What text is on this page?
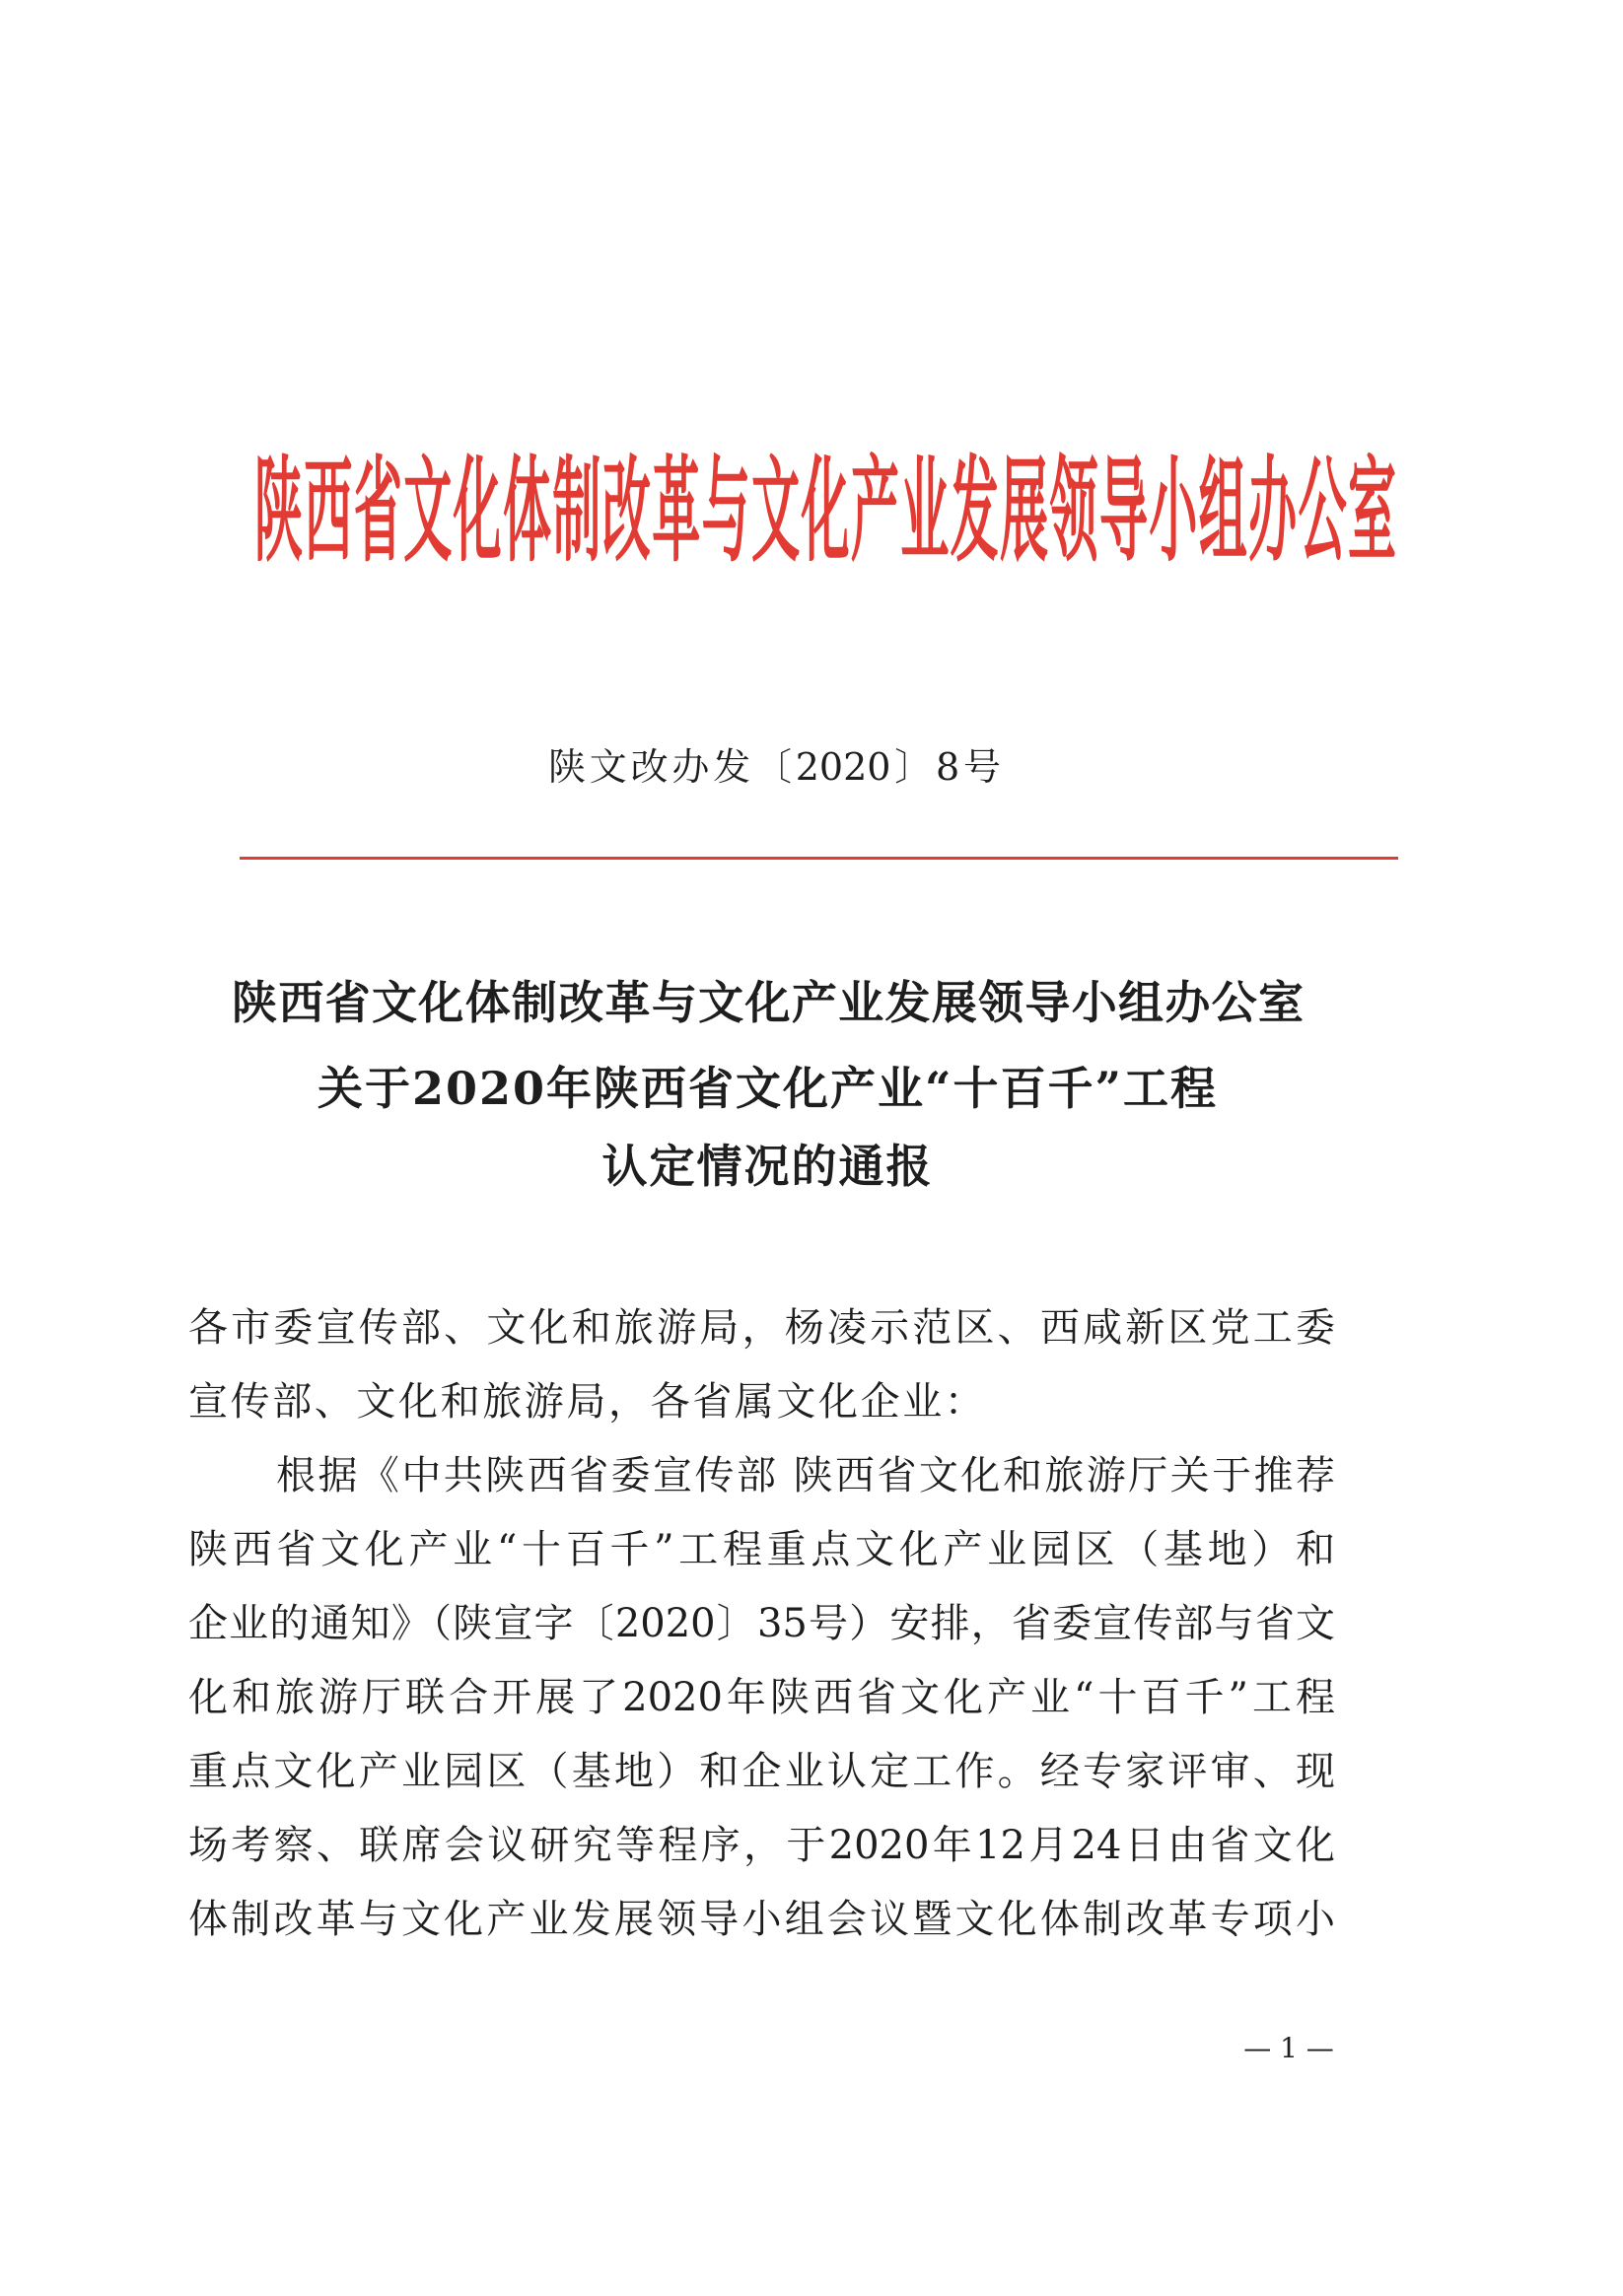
陕西省文化体制改革与文化产业发展领导小组办公室
陕文改办发〔2020〕8号
陕西省文化体制改革与文化产业发展领导小组办公室
关于2020年陕西省文化产业“十百千”工程
认定情况的通报
各市委宣传部、文化和旅游局，杨凌示范区、西咸新区党工委
宣传部、文化和旅游局，各省属文化企业：
根据《中共陕西省委宣传部 陕西省文化和旅游厅关于推荐
陕西省文化产业“十百千”工程重点文化产业园区（基地）和
企业的通知》（陕宣字〔2020〕35号）安排，省委宣传部与省文
化和旅游厅联合开展了2020年陕西省文化产业“十百千”工程
重点文化产业园区（基地）和企业认定工作。经专家评审、现
场考察、联席会议研究等程序，于2020年12月24日由省文化
体制改革与文化产业发展领导小组会议暨文化体制改革专项小
— 1 —
